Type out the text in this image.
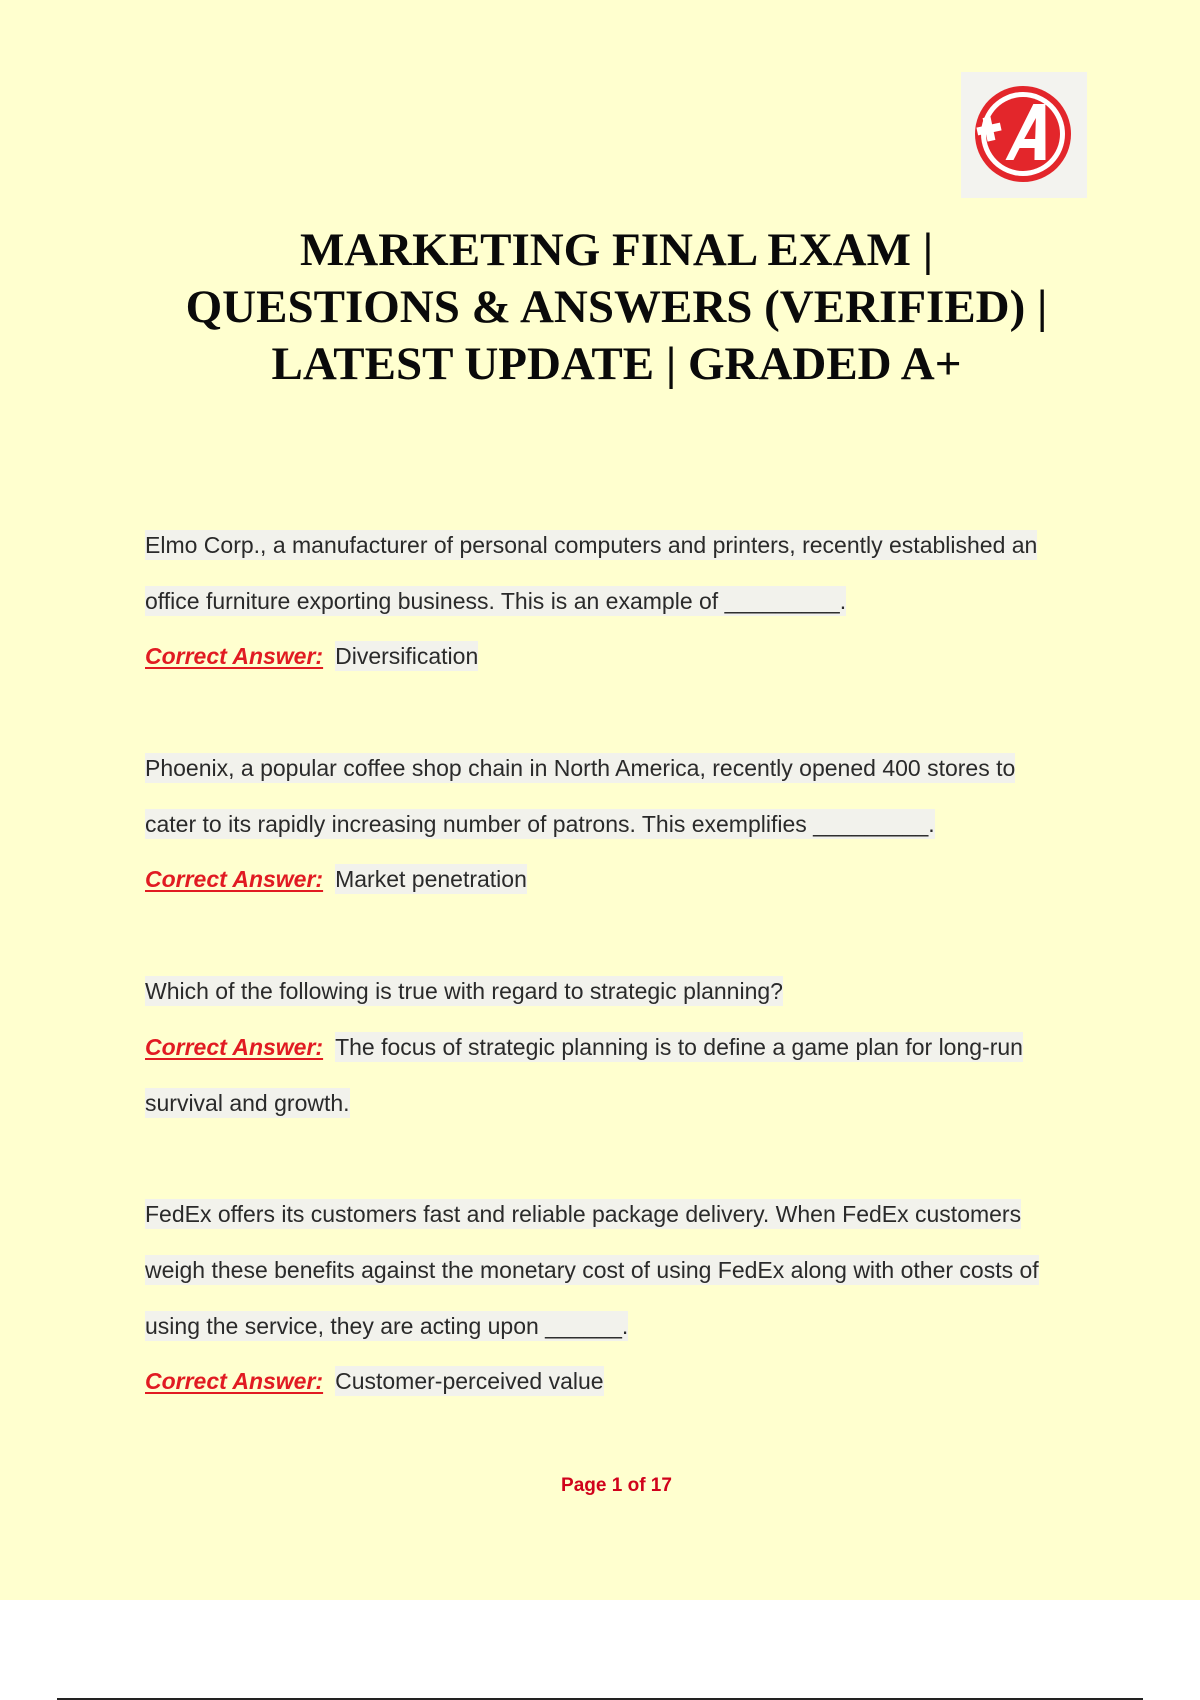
MARKETING FINAL EXAM |
QUESTIONS & ANSWERS (VERIFIED) |
LATEST UPDATE | GRADED A+
Elmo Corp., a manufacturer of personal computers and printers, recently established an
office furniture exporting business. This is an example of _________.
Correct Answer: Diversification
Phoenix, a popular coffee shop chain in North America, recently opened 400 stores to
cater to its rapidly increasing number of patrons. This exemplifies _________.
Correct Answer: Market penetration
Which of the following is true with regard to strategic planning?
Correct Answer: The focus of strategic planning is to define a game plan for long-run
survival and growth.
FedEx offers its customers fast and reliable package delivery. When FedEx customers
weigh these benefits against the monetary cost of using FedEx along with other costs of
using the service, they are acting upon ______.
Correct Answer: Customer-perceived value
Page 1 of 17
